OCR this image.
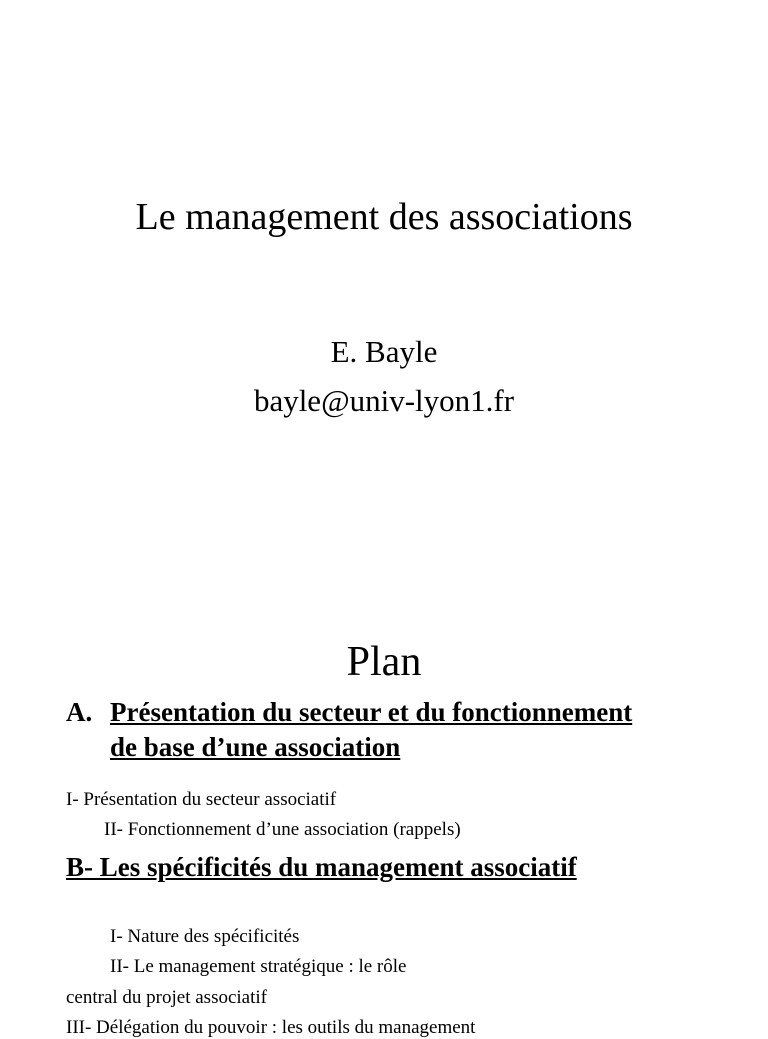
Le management des associations
E. Bayle
bayle@univ-lyon1.fr
Plan
A. Présentation du secteur et du fonctionnement
de base d’une association
I- Présentation du secteur associatif
II- Fonctionnement d’une association (rappels)
B- Les spécificités du management associatif
I- Nature des spécificités
II- Le management stratégique : le rôle
central du projet associatif
III- Délégation du pouvoir : les outils du management
